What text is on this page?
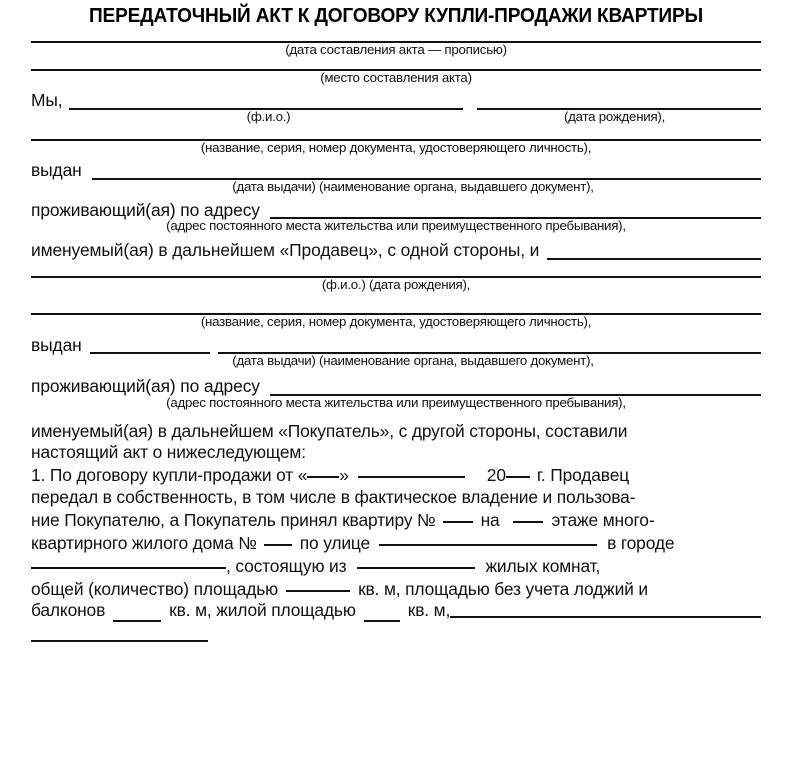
ПЕРЕДАТОЧНЫЙ АКТ К ДОГОВОРУ КУПЛИ-ПРОДАЖИ КВАРТИРЫ
(дата составления акта — прописью)
(место составления акта)
Мы,
(ф.и.о.)	(дата рождения),
(название, серия, номер документа, удостоверяющего личность),
выдан
(дата выдачи) (наименование органа, выдавшего документ),
проживающий(ая) по адресу
(адрес постоянного места жительства или преимущественного пребывания),
именуемый(ая) в дальнейшем «Продавец», с одной стороны, и
(ф.и.о.) (дата рождения),
(название, серия, номер документа, удостоверяющего личность),
выдан
(дата выдачи) (наименование органа, выдавшего документ),
проживающий(ая) по адресу
(адрес постоянного места жительства или преимущественного пребывания),
именуемый(ая) в дальнейшем «Покупатель», с другой стороны, составили
настоящий акт о нижеследующем:
1. По договору купли-продажи от « »	20 г. Продавец
передал в собственность, в том числе в фактическое владение и пользова-
ние Покупателю, а Покупатель принял квартиру №	на	этаже много-
квартирного жилого дома № по улице	в городе
, состоящую из	жилых комнат,
общей (количество) площадью	кв. м, площадью без учета лоджий и
балконов	кв. м, жилой площадью	кв. м,
